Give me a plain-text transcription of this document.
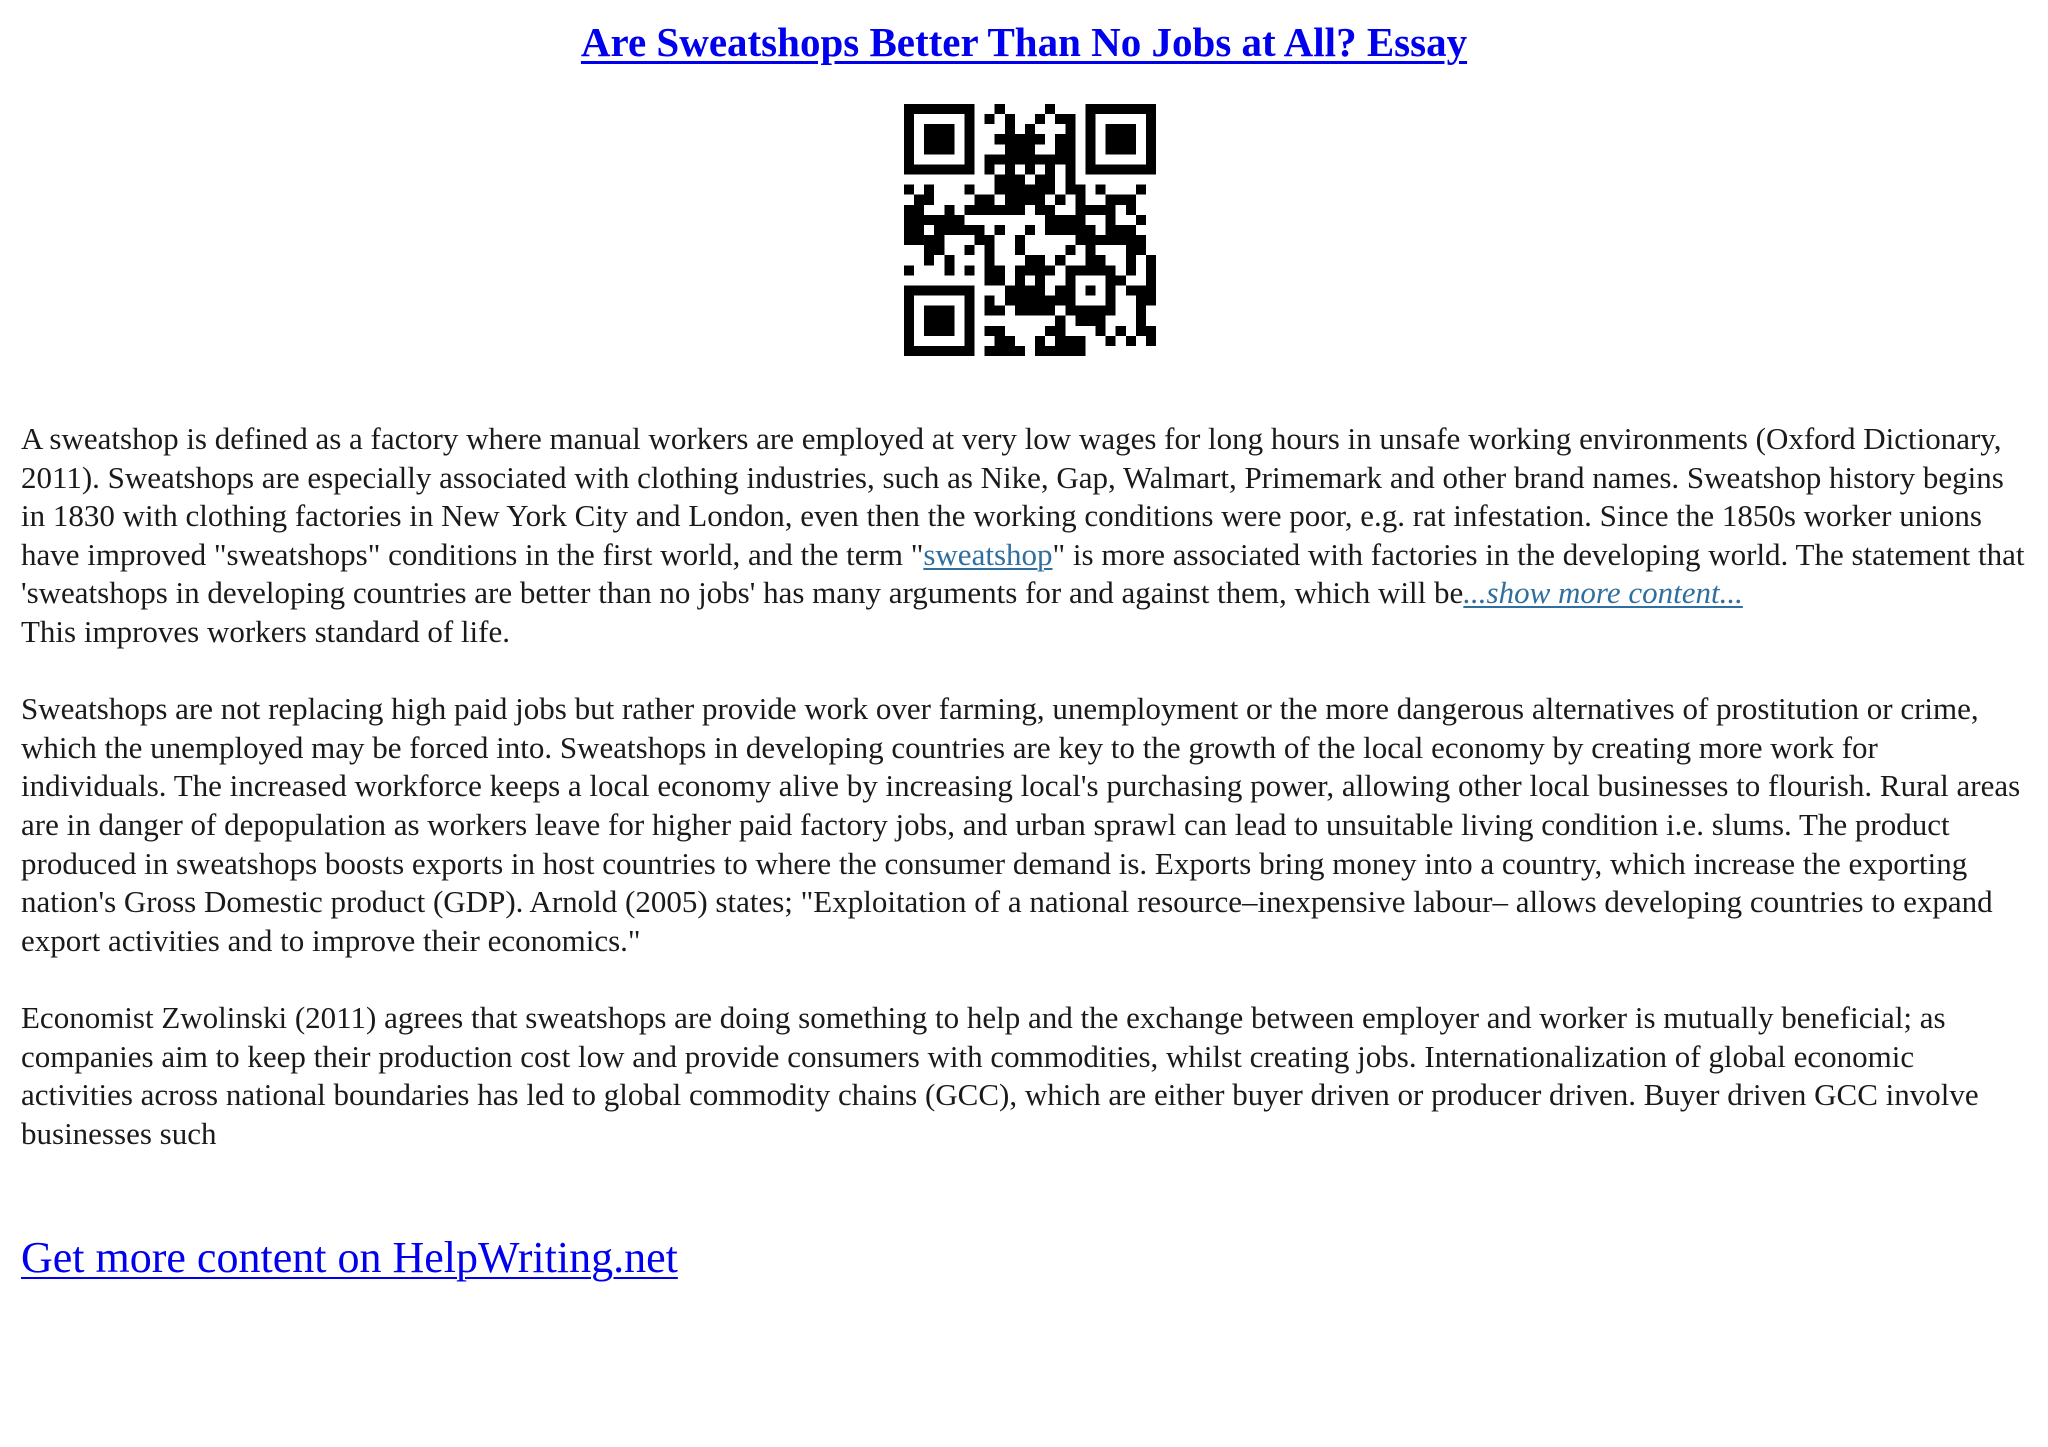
Are Sweatshops Better Than No Jobs at All? Essay

A sweatshop is defined as a factory where manual workers are employed at very low wages for long hours in unsafe working environments (Oxford Dictionary, 2011). Sweatshops are especially associated with clothing industries, such as Nike, Gap, Walmart, Primemark and other brand names. Sweatshop history begins in 1830 with clothing factories in New York City and London, even then the working conditions were poor, e.g. rat infestation. Since the 1850s worker unions have improved "sweatshops" conditions in the first world, and the term "sweatshop" is more associated with factories in the developing world. The statement that 'sweatshops in developing countries are better than no jobs' has many arguments for and against them, which will be...show more content...

This improves workers standard of life.

Sweatshops are not replacing high paid jobs but rather provide work over farming, unemployment or the more dangerous alternatives of prostitution or crime, which the unemployed may be forced into. Sweatshops in developing countries are key to the growth of the local economy by creating more work for individuals. The increased workforce keeps a local economy alive by increasing local's purchasing power, allowing other local businesses to flourish. Rural areas are in danger of depopulation as workers leave for higher paid factory jobs, and urban sprawl can lead to unsuitable living condition i.e. slums. The product produced in sweatshops boosts exports in host countries to where the consumer demand is. Exports bring money into a country, which increase the exporting nation's Gross Domestic product (GDP). Arnold (2005) states; "Exploitation of a national resource–inexpensive labour– allows developing countries to expand export activities and to improve their economics."

Economist Zwolinski (2011) agrees that sweatshops are doing something to help and the exchange between employer and worker is mutually beneficial; as companies aim to keep their production cost low and provide consumers with commodities, whilst creating jobs. Internationalization of global economic activities across national boundaries has led to global commodity chains (GCC), which are either buyer driven or producer driven. Buyer driven GCC involve businesses such

Get more content on HelpWriting.net
